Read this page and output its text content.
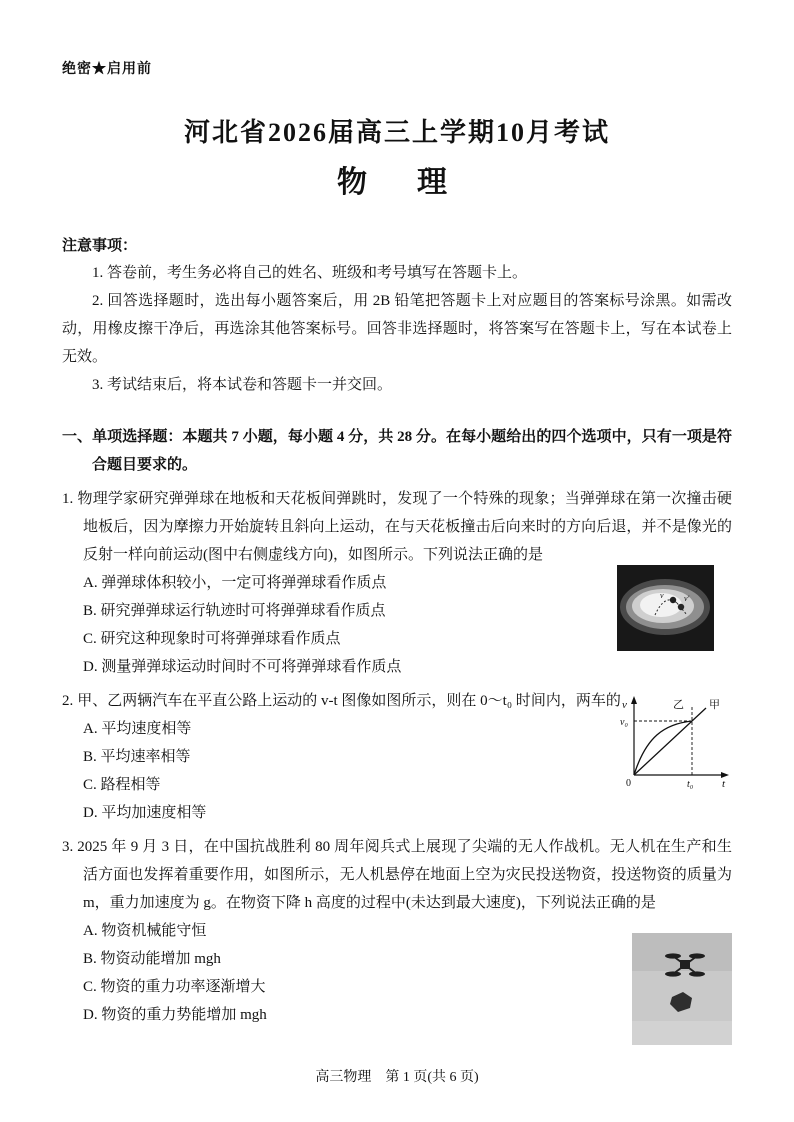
绝密★启用前
河北省2026届高三上学期10月考试
物　理
注意事项：

1. 答卷前，考生务必将自己的姓名、班级和考号填写在答题卡上。

2. 回答选择题时，选出每小题答案后，用 2B 铅笔把答题卡上对应题目的答案标号涂黑。如需改动，用橡皮擦干净后，再选涂其他答案标号。回答非选择题时，将答案写在答题卡上，写在本试卷上无效。

3. 考试结束后，将本试卷和答题卡一并交回。

一、单项选择题：本题共 7 小题，每小题 4 分，共 28 分。在每小题给出的四个选项中，只有一项是符合题目要求的。
1. 物理学家研究弹弹球在地板和天花板间弹跳时，发现了一个特殊的现象；当弹弹球在第一次撞击硬地板后，因为摩擦力开始旋转且斜向上运动，在与天花板撞击后向来时的方向后退，并不是像光的反射一样向前运动(图中右侧虚线方向)，如图所示。下列说法正确的是
A. 弹弹球体积较小，一定可将弹弹球看作质点
B. 研究弹弹球运行轨迹时可将弹弹球看作质点
C. 研究这种现象时可将弹弹球看作质点
D. 测量弹弹球运动时间时不可将弹弹球看作质点
v	v′
2. 甲、乙两辆汽车在平直公路上运动的 v-t 图像如图所示，则在 0～t₀ 时间内，两车的
A. 平均速度相等
B. 平均速率相等
C. 路程相等
D. 平均加速度相等
v
v₀
0	t₀	t
乙 甲
3. 2025 年 9 月 3 日，在中国抗战胜利 80 周年阅兵式上展现了尖端的无人作战机。无人机在生产和生活方面也发挥着重要作用，如图所示，无人机悬停在地面上空为灾民投送物资，投送物资的质量为 m，重力加速度为 g。在物资下降 h 高度的过程中(未达到最大速度)，下列说法正确的是
A. 物资机械能守恒
B. 物资动能增加 mgh
C. 物资的重力功率逐渐增大
D. 物资的重力势能增加 mgh
高三物理　第 1 页(共 6 页)
